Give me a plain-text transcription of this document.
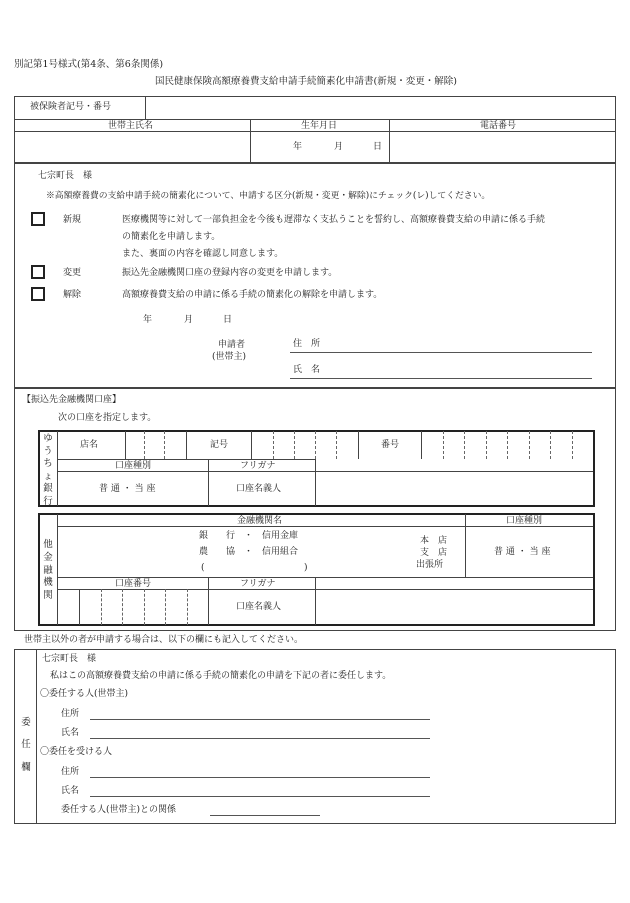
別記第1号様式(第4条、第6条関係)
国民健康保険高額療養費支給申請手続簡素化申請書(新規・変更・解除)
被保険者記号・番号
世帯主氏名	生年月日	電話番号
年	月	日
七宗町長　様
※高額療養費の支給申請手続の簡素化について、申請する区分(新規・変更・解除)にチェック(レ)してください。
新規	医療機関等に対して一部負担金を今後も遅滞なく支払うことを誓約し、高額療養費支給の申請に係る手続
の簡素化を申請します。
また、裏面の内容を確認し同意します。
変更	振込先金融機関口座の登録内容の変更を申請します。
解除	高額療養費支給の申請に係る手続の簡素化の解除を申請します。
年	月	日
申請者
(世帯主)
住　所
氏　名
【振込先金融機関口座】
次の口座を指定します。
ゆうちょ銀行
店名	記号	番号
口座種別	フリガナ
普 通 ・ 当 座	口座名義人
他金融機関
金融機関名	口座種別
銀　　行　・　信用金庫
農　　協　・　信用組合
(	)
本　店
支　店
出張所
普 通 ・ 当 座
口座番号	フリガナ
口座名義人
世帯主以外の者が申請する場合は、以下の欄にも記入してください。
委任欄
七宗町長　様
私はこの高額療養費支給の申請に係る手続の簡素化の申請を下記の者に委任します。
〇委任する人(世帯主)
住所
氏名
〇委任を受ける人
住所
氏名
委任する人(世帯主)との関係
